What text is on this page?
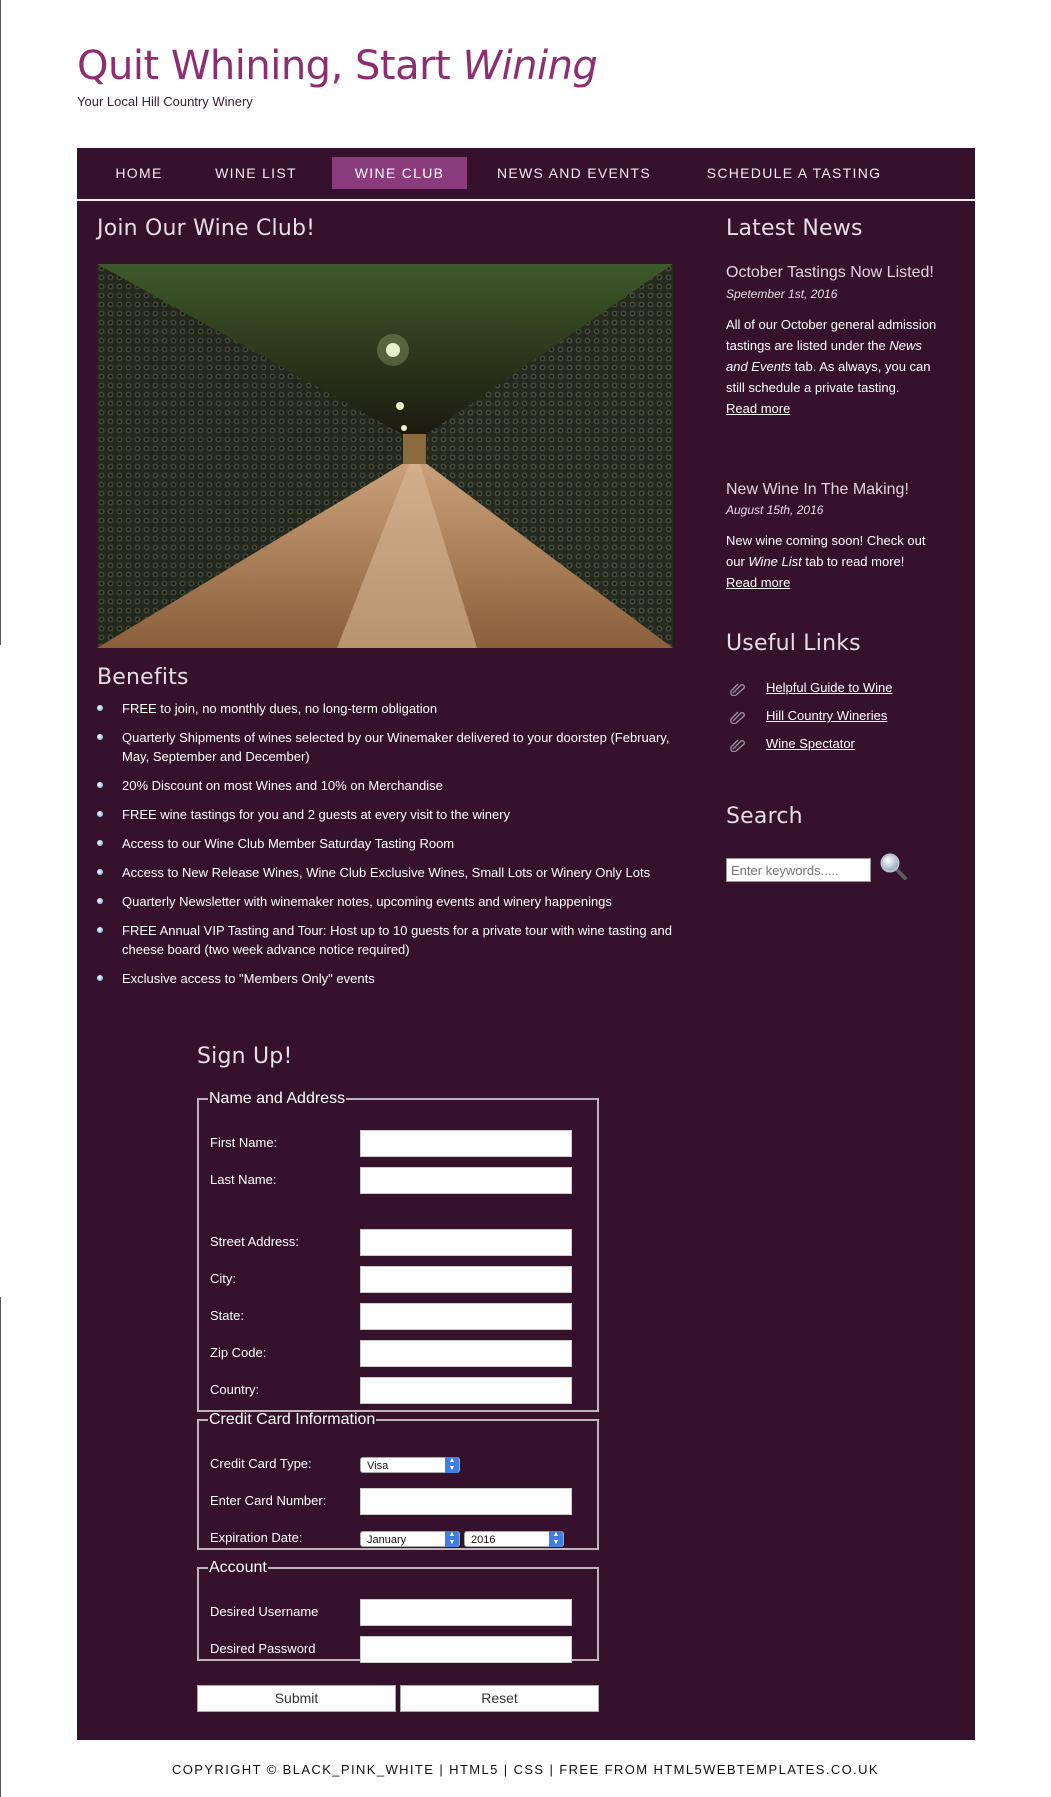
Quit Whining, Start Wining
Your Local Hill Country Winery
HOME	WINE LIST	WINE CLUB	NEWS AND EVENTS	SCHEDULE A TASTING
Join Our Wine Club!
Benefits
FREE to join, no monthly dues, no long-term obligation
Quarterly Shipments of wines selected by our Winemaker delivered to your doorstep (February, May, September and December)
20% Discount on most Wines and 10% on Merchandise
FREE wine tastings for you and 2 guests at every visit to the winery
Access to our Wine Club Member Saturday Tasting Room
Access to New Release Wines, Wine Club Exclusive Wines, Small Lots or Winery Only Lots
Quarterly Newsletter with winemaker notes, upcoming events and winery happenings
FREE Annual VIP Tasting and Tour: Host up to 10 guests for a private tour with wine tasting and cheese board (two week advance notice required)
Exclusive access to "Members Only" events
Sign Up!
Name and Address
First Name:
Last Name:
Street Address:
City:
State:
Zip Code:
Country:
Credit Card Information
Credit Card Type:	Visa	▲
▼
Enter Card Number:
Expiration Date:	January	▲
▼	2016	▲
▼
Account
Desired Username
Desired Password
Submit	Reset
Latest News
October Tastings Now Listed!
Spetember 1st, 2016

All of our October general admission tastings are listed under the News and Events tab. As always, you can still schedule a private tasting.
Read more

New Wine In The Making!
August 15th, 2016

New wine coming soon! Check out our Wine List tab to read more!
Read more

Useful Links
Helpful Guide to Wine
Hill Country Wineries
Wine Spectator
Search
Enter keywords.....
COPYRIGHT © BLACK_PINK_WHITE | HTML5 | CSS | FREE FROM HTML5WEBTEMPLATES.CO.UK
